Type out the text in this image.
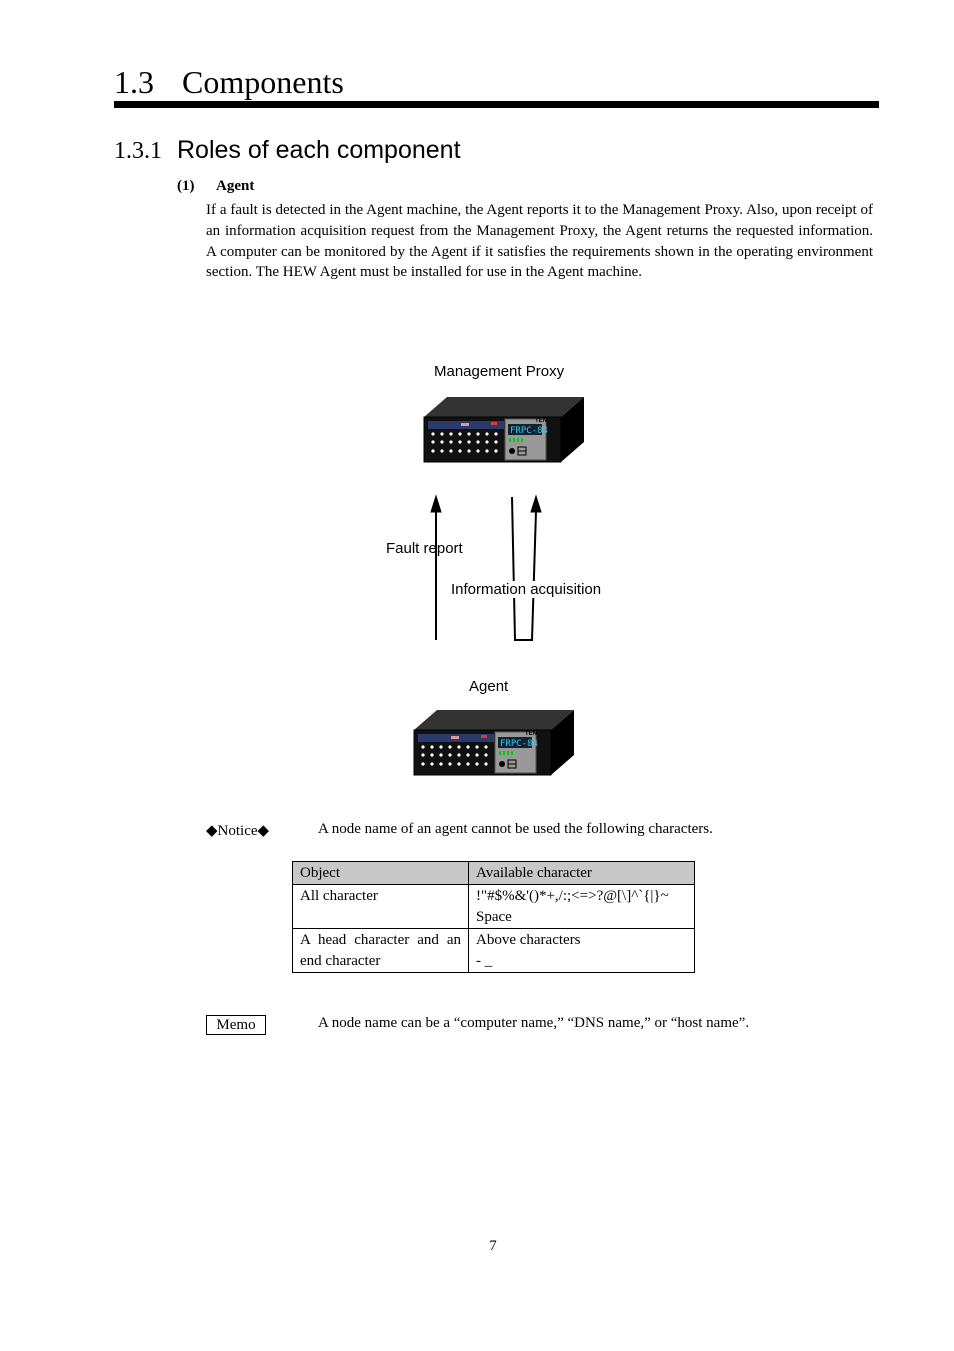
1.3 Components
1.3.1 Roles of each component
(1) Agent
If a fault is detected in the Agent machine, the Agent reports it to the Management Proxy. Also, upon receipt of an information acquisition request from the Management Proxy, the Agent returns the requested information. A computer can be monitored by the Agent if it satisfies the requirements shown in the operating environment section. The HEW Agent must be installed for use in the Agent machine.
Management Proxy
FRPC-84
TEN
Fault report
Information acquisition
Agent
FRPC-84
TEN
◆Notice◆	A node name of an agent cannot be used the following characters.
Object	Available character
All character	!"#$%&'()*+,/:;<=>?@[\]^`{|}~
Space

A head character and an end character	Above characters
- _
Memo	A node name can be a “computer name,” “DNS name,” or “host name”.
7
